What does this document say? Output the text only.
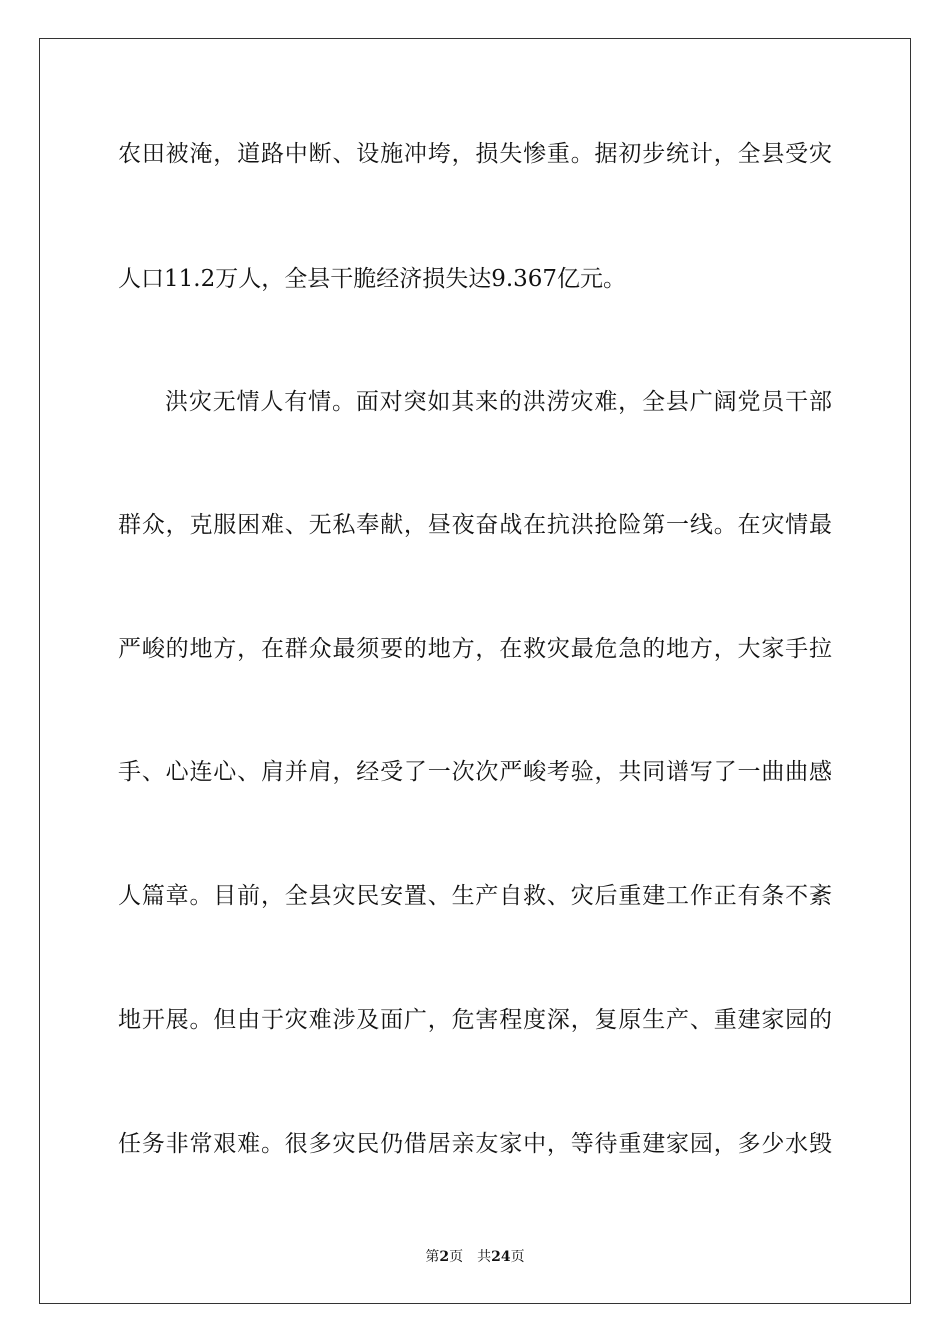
农田被淹，道路中断、设施冲垮，损失惨重。据初步统计，全县受灾
人口11.2万人，全县干脆经济损失达9.367亿元。
洪灾无情人有情。面对突如其来的洪涝灾难，全县广阔党员干部
群众，克服困难、无私奉献，昼夜奋战在抗洪抢险第一线。在灾情最
严峻的地方，在群众最须要的地方，在救灾最危急的地方，大家手拉
手、心连心、肩并肩，经受了一次次严峻考验，共同谱写了一曲曲感
人篇章。目前，全县灾民安置、生产自救、灾后重建工作正有条不紊
地开展。但由于灾难涉及面广，危害程度深，复原生产、重建家园的
任务非常艰难。很多灾民仍借居亲友家中，等待重建家园，多少水毁
第2页 共24页
